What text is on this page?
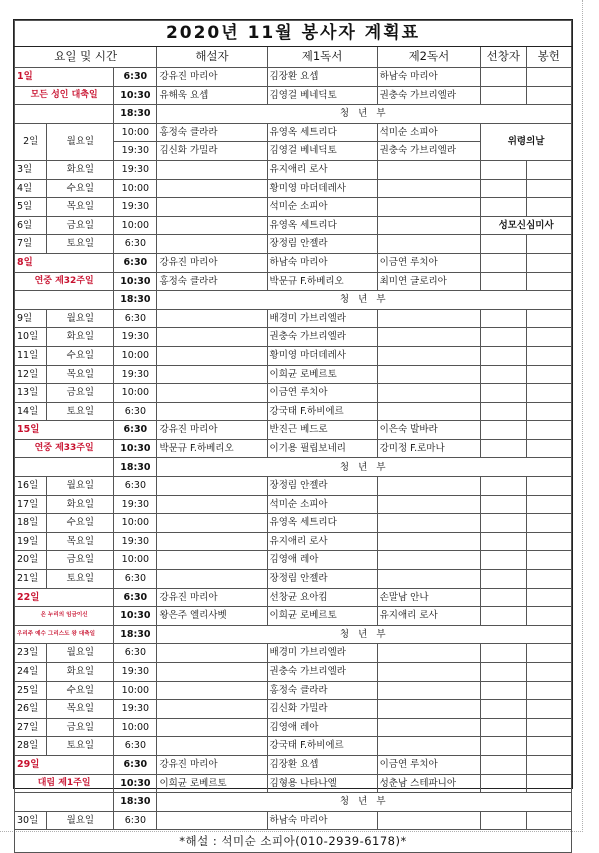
2020년 11월 봉사자 계획표							
요일 및 시간			해설자	제1독서	제2독서	선창자	봉헌
1일		6:30	강유진 마리아	김장환 요셉	하남숙 마리아		
모든 성인 대축일		10:30	유해욱 요셉	김영걸 베네딕토	권충숙 가브리엘라		
		18:30	청 년 부				
2일	월요일	10:00	홍정숙 클라라	유영옥 세트리다	석미순 소피아	위령의날	
		19:30	김신화 가밀라	김영걸 베네딕토	권충숙 가브리엘라		
3일	화요일	19:30		유지애리 로사			
4일	수요일	10:00		황미영 마더데레사			
5일	목요일	19:30		석미순 소피아			
6일	금요일	10:00		유영옥 세트리다		성모신심미사	
7일	토요일	6:30		장정림 안젤라			
8일		6:30	강유진 마리아	하남숙 마리아	이금연 루치아		
연중 제32주일		10:30	홍정숙 클라라	박문규 F.하베리오	최미연 글로리아		
		18:30	청 년 부				
9일	월요일	6:30		배경미 가브리엘라			
10일	화요일	19:30		권충숙 가브리엘라			
11일	수요일	10:00		황미영 마더데레사			
12일	목요일	19:30		이희균 로베르토			
13일	금요일	10:00		이금연 루치아			
14일	토요일	6:30		강국태 F.하비에르			
15일		6:30	강유진 마리아	반진근 베드로	이은숙 발바라		
연중 제33주일		10:30	박문규 F.하베리오	이기용 필립보네리	강미정 F.로마나		
		18:30	청 년 부				
16일	월요일	6:30		장정림 안젤라			
17일	화요일	19:30		석미순 소피아			
18일	수요일	10:00		유영옥 세트리다			
19일	목요일	19:30		유지애리 로사			
20일	금요일	10:00		김영애 레아			
21일	토요일	6:30		장정림 안젤라			
22일		6:30	강유진 마리아	선창균 요아킴	손말남 안나		
온 누리의 임금이신		10:30	왕은주 엘리사벳	이희균 로베르토	유지애리 로사		
우리주 예수 그리스도 왕 대축일		18:30	청 년 부				
23일	월요일	6:30		배경미 가브리엘라			
24일	화요일	19:30		권충숙 가브리엘라			
25일	수요일	10:00		홍정숙 클라라			
26일	목요일	19:30		김신화 가밀라			
27일	금요일	10:00		김영애 레아			
28일	토요일	6:30		강국태 F.하비에르			
29일		6:30	강유진 마리아	김장환 요셉	이금연 루치아		
대림 제1주일		10:30	이희균 로베르토	김형용 나타나엘	성춘남 스테파니아		
		18:30	청 년 부				
30일	월요일	6:30		하남숙 마리아			
*해설 : 석미순 소피아(010-2939-6178)*							
